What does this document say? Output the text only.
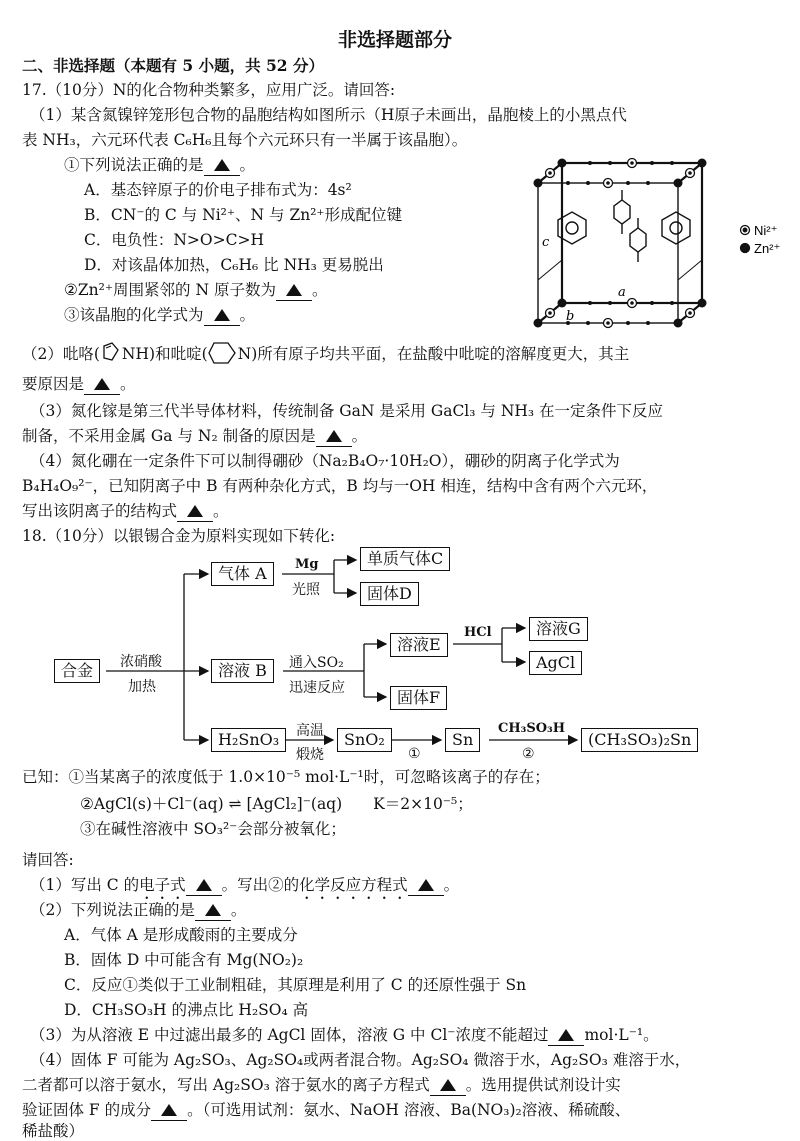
非选择题部分
二、非选择题（本题有 5 小题，共 52 分）
17.（10分）N的化合物种类繁多，应用广泛。请回答:
（1）某含氮镍锌笼形包合物的晶胞结构如图所示（H原子未画出，晶胞棱上的小黑点代
表 NH₃，六元环代表 C₆H₆且每个六元环只有一半属于该晶胞）。
①下列说法正确的是 。
A．基态锌原子的价电子排布式为：4s²
B．CN⁻的 C 与 Ni²⁺、N 与 Zn²⁺形成配位键
C．电负性：N>O>C>H
D．对该晶体加热，C₆H₆ 比 NH₃ 更易脱出
②Zn²⁺周围紧邻的 N 原子数为 。
③该晶胞的化学式为 。
Ni²⁺
Zn²⁺
a
b
c
（2）吡咯( NH)和吡啶( N)所有原子均共平面，在盐酸中吡啶的溶解度更大，其主
要原因是 。
（3）氮化镓是第三代半导体材料，传统制备 GaN 是采用 GaCl₃ 与 NH₃ 在一定条件下反应
制备，不采用金属 Ga 与 N₂ 制备的原因是 。
（4）氮化硼在一定条件下可以制得硼砂（Na₂B₄O₇·10H₂O），硼砂的阴离子化学式为
B₄H₄O₉²⁻，已知阴离子中 B 有两种杂化方式，B 均与一OH 相连，结构中含有两个六元环，
写出该阴离子的结构式 。
18.（10分）以银锡合金为原料实现如下转化:
合金	浓硝酸
加热
气体 A	Mg
光照
单质气体C
固体D
溶液 B	通入SO₂
迅速反应
溶液E
HCl	溶液G
AgCl
固体F
H₂SnO₃	高温
煅烧
SnO₂
①
Sn
CH₃SO₃H
②
(CH₃SO₃)₂Sn
已知：①当某离子的浓度低于 1.0×10⁻⁵ mol·L⁻¹时，可忽略该离子的存在；
②AgCl(s)＋Cl⁻(aq) ⇌ [AgCl₂]⁻(aq)　　K＝2×10⁻⁵；
③在碱性溶液中 SO₃²⁻会部分被氧化；
请回答:
（1）写出 C 的电子式 。写出②的化学反应方程式 。
（2）下列说法正确的是 。
A．气体 A 是形成酸雨的主要成分
B．固体 D 中可能含有 Mg(NO₂)₂
C．反应①类似于工业制粗硅，其原理是利用了 C 的还原性强于 Sn
D．CH₃SO₃H 的沸点比 H₂SO₄ 高
（3）为从溶液 E 中过滤出最多的 AgCl 固体，溶液 G 中 Cl⁻浓度不能超过 mol·L⁻¹。
（4）固体 F 可能为 Ag₂SO₃、Ag₂SO₄或两者混合物。Ag₂SO₄ 微溶于水，Ag₂SO₃ 难溶于水，
二者都可以溶于氨水，写出 Ag₂SO₃ 溶于氨水的离子方程式 。选用提供试剂设计实
验证固体 F 的成分 。（可选用试剂：氨水、NaOH 溶液、Ba(NO₃)₂溶液、稀硫酸、
稀盐酸）
